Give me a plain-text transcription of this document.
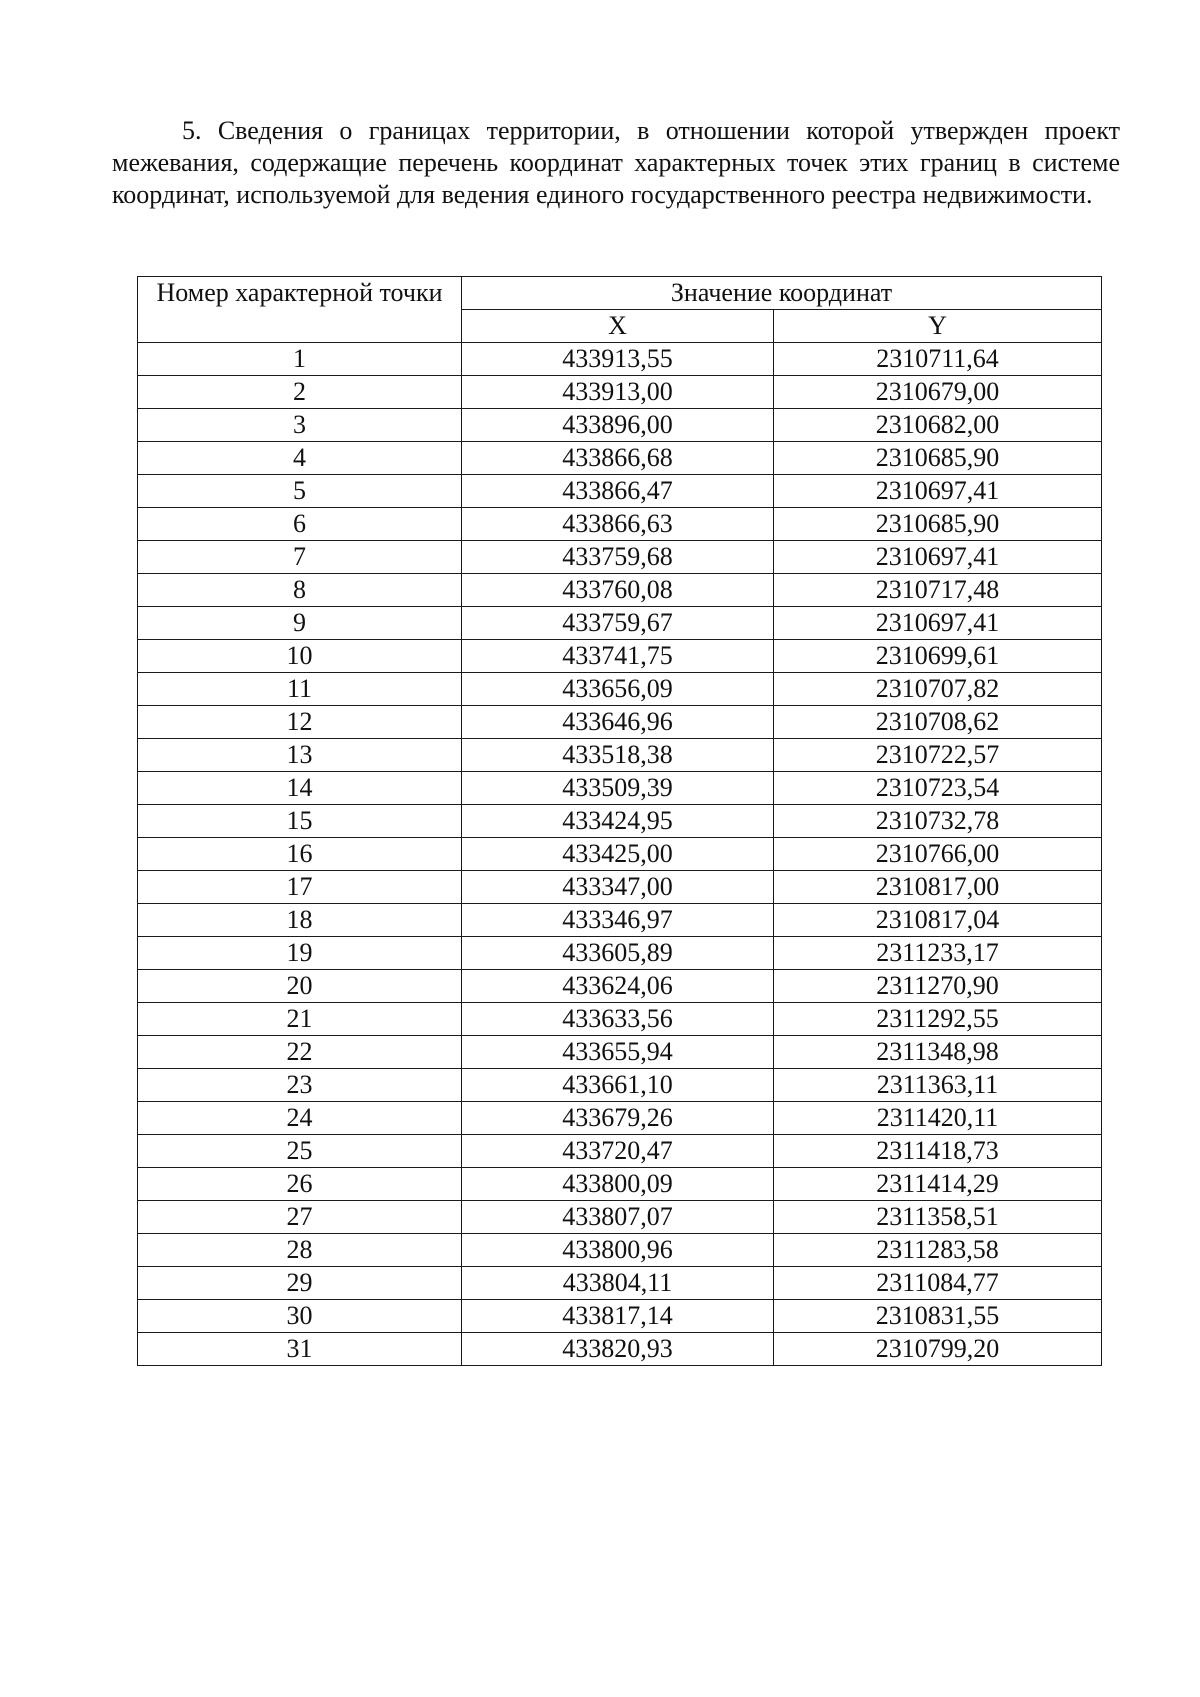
5. Сведения о границах территории, в отношении которой утвержден проект межевания, содержащие перечень координат характерных точек этих границ в системе координат, используемой для ведения единого государственного реестра недвижимости.

Номер характерной точки	Значение координат	
	X	Y
1	433913,55	2310711,64
2	433913,00	2310679,00
3	433896,00	2310682,00
4	433866,68	2310685,90
5	433866,47	2310697,41
6	433866,63	2310685,90
7	433759,68	2310697,41
8	433760,08	2310717,48
9	433759,67	2310697,41
10	433741,75	2310699,61
11	433656,09	2310707,82
12	433646,96	2310708,62
13	433518,38	2310722,57
14	433509,39	2310723,54
15	433424,95	2310732,78
16	433425,00	2310766,00
17	433347,00	2310817,00
18	433346,97	2310817,04
19	433605,89	2311233,17
20	433624,06	2311270,90
21	433633,56	2311292,55
22	433655,94	2311348,98
23	433661,10	2311363,11
24	433679,26	2311420,11
25	433720,47	2311418,73
26	433800,09	2311414,29
27	433807,07	2311358,51
28	433800,96	2311283,58
29	433804,11	2311084,77
30	433817,14	2310831,55
31	433820,93	2310799,20
